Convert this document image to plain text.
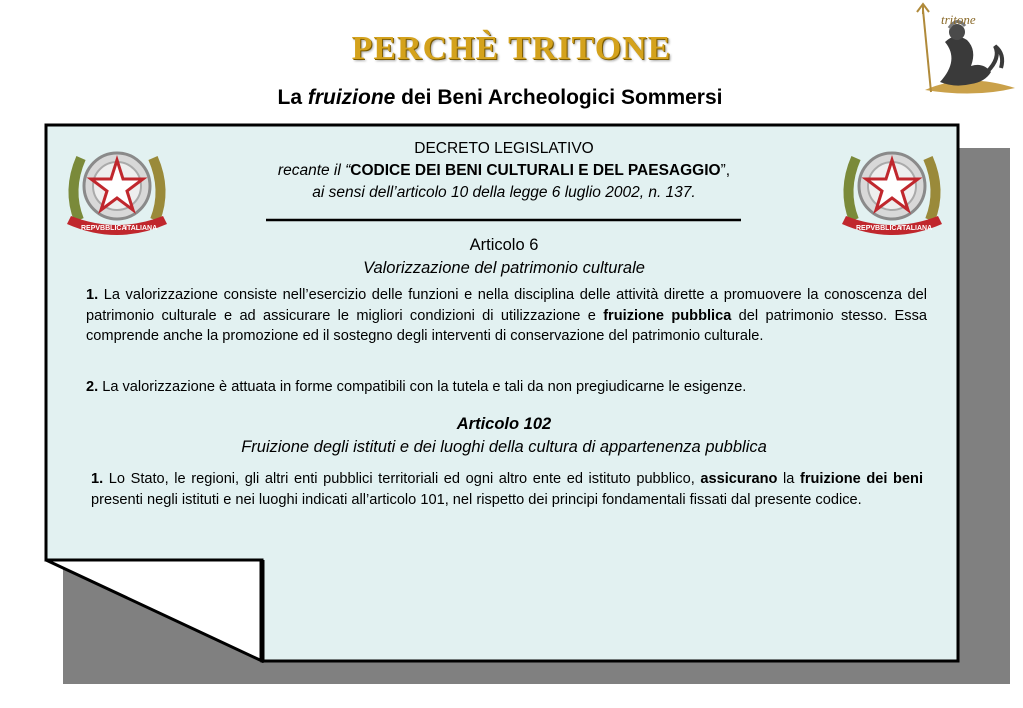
PERCHÈ TRITONE
La fruizione dei Beni Archeologici Sommersi
tritone
REPVBBLICA
ITALIANA	REPVBBLICA
ITALIANA
DECRETO LEGISLATIVO
recante il “CODICE DEI BENI CULTURALI E DEL PAESAGGIO”,
ai sensi dell’articolo 10 della legge 6 luglio 2002, n. 137.
Articolo 6
Valorizzazione del patrimonio culturale
1. La valorizzazione consiste nell’esercizio delle funzioni e nella disciplina delle attività dirette a promuovere la conoscenza del patrimonio culturale e ad assicurare le migliori condizioni di utilizzazione e fruizione pubblica del patrimonio stesso. Essa comprende anche la promozione ed il sostegno degli interventi di conservazione del patrimonio culturale.
2. La valorizzazione è attuata in forme compatibili con la tutela e tali da non pregiudicarne le esigenze.
Articolo 102
Fruizione degli istituti e dei luoghi della cultura di appartenenza pubblica
1. Lo Stato, le regioni, gli altri enti pubblici territoriali ed ogni altro ente ed istituto pubblico, assicurano la fruizione dei beni presenti negli istituti e nei luoghi indicati all’articolo 101, nel rispetto dei principi fondamentali fissati dal presente codice.
